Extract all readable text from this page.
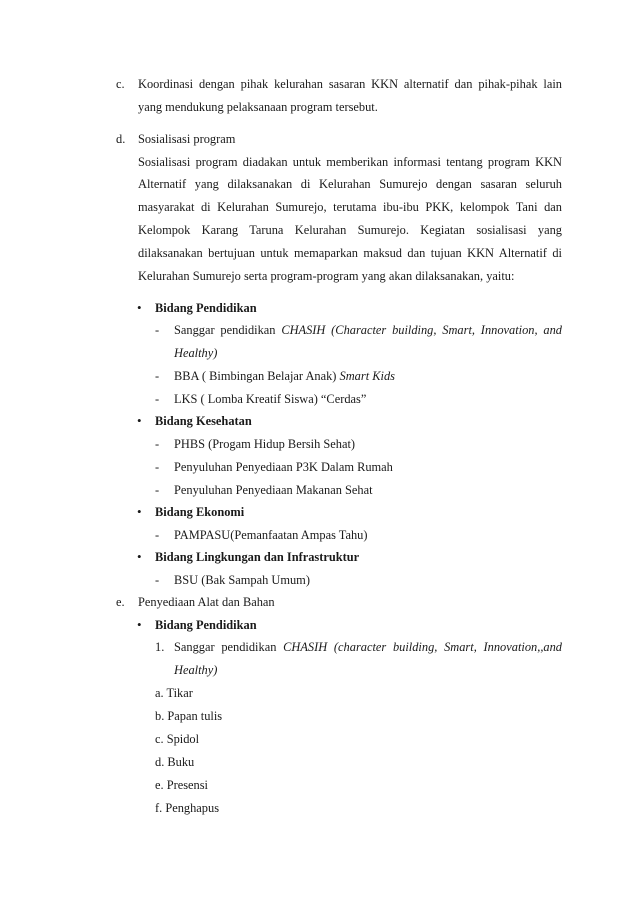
c. Koordinasi dengan pihak kelurahan sasaran KKN alternatif dan pihak-pihak lain
yang mendukung pelaksanaan program tersebut.
d. Sosialisasi program
Sosialisasi program diadakan untuk memberikan informasi tentang program KKN
Alternatif yang dilaksanakan di Kelurahan Sumurejo dengan sasaran seluruh
masyarakat di Kelurahan Sumurejo, terutama ibu-ibu PKK, kelompok Tani dan
Kelompok Karang Taruna Kelurahan Sumurejo. Kegiatan sosialisasi yang
dilaksanakan bertujuan untuk memaparkan maksud dan tujuan KKN Alternatif di
Kelurahan Sumurejo serta program-program yang akan dilaksanakan, yaitu:
• Bidang Pendidikan
- Sanggar pendidikan CHASIH (Character building, Smart, Innovation, and
Healthy)
- BBA ( Bimbingan Belajar Anak) Smart Kids
- LKS ( Lomba Kreatif Siswa) “Cerdas”
• Bidang Kesehatan
- PHBS (Progam Hidup Bersih Sehat)
- Penyuluhan Penyediaan P3K Dalam Rumah
- Penyuluhan Penyediaan Makanan Sehat
• Bidang Ekonomi
- PAMPASU(Pemanfaatan Ampas Tahu)
• Bidang Lingkungan dan Infrastruktur
- BSU (Bak Sampah Umum)
e. Penyediaan Alat dan Bahan
• Bidang Pendidikan
1. Sanggar pendidikan CHASIH (character building, Smart, Innovation,,and
Healthy)
a. Tikar
b. Papan tulis
c. Spidol
d. Buku
e. Presensi
f. Penghapus
